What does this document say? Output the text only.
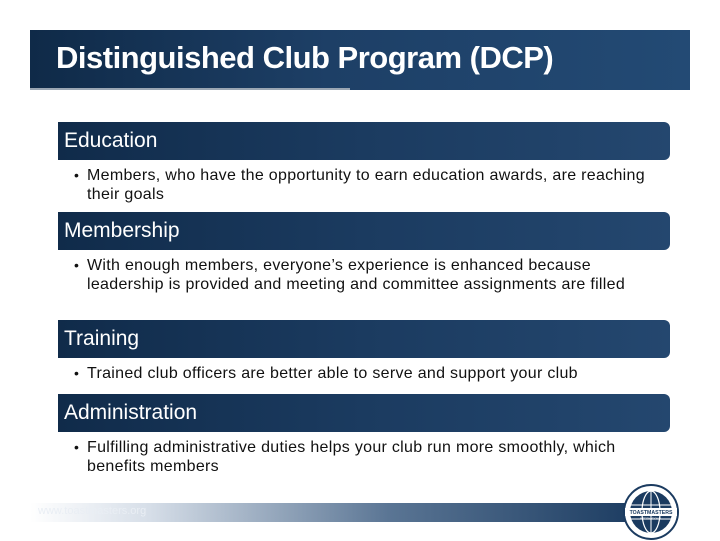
Distinguished Club Program (DCP)
Education
• Members, who have the opportunity to earn education awards, are reaching their goals
Membership
• With enough members, everyone’s experience is enhanced because leadership is provided and meeting and committee assignments are filled
Training
• Trained club officers are better able to serve and support your club
Administration
• Fulfilling administrative duties helps your club run more smoothly, which benefits members
www.toastmasters.org	TOASTMASTERS
INTERNATIONAL
